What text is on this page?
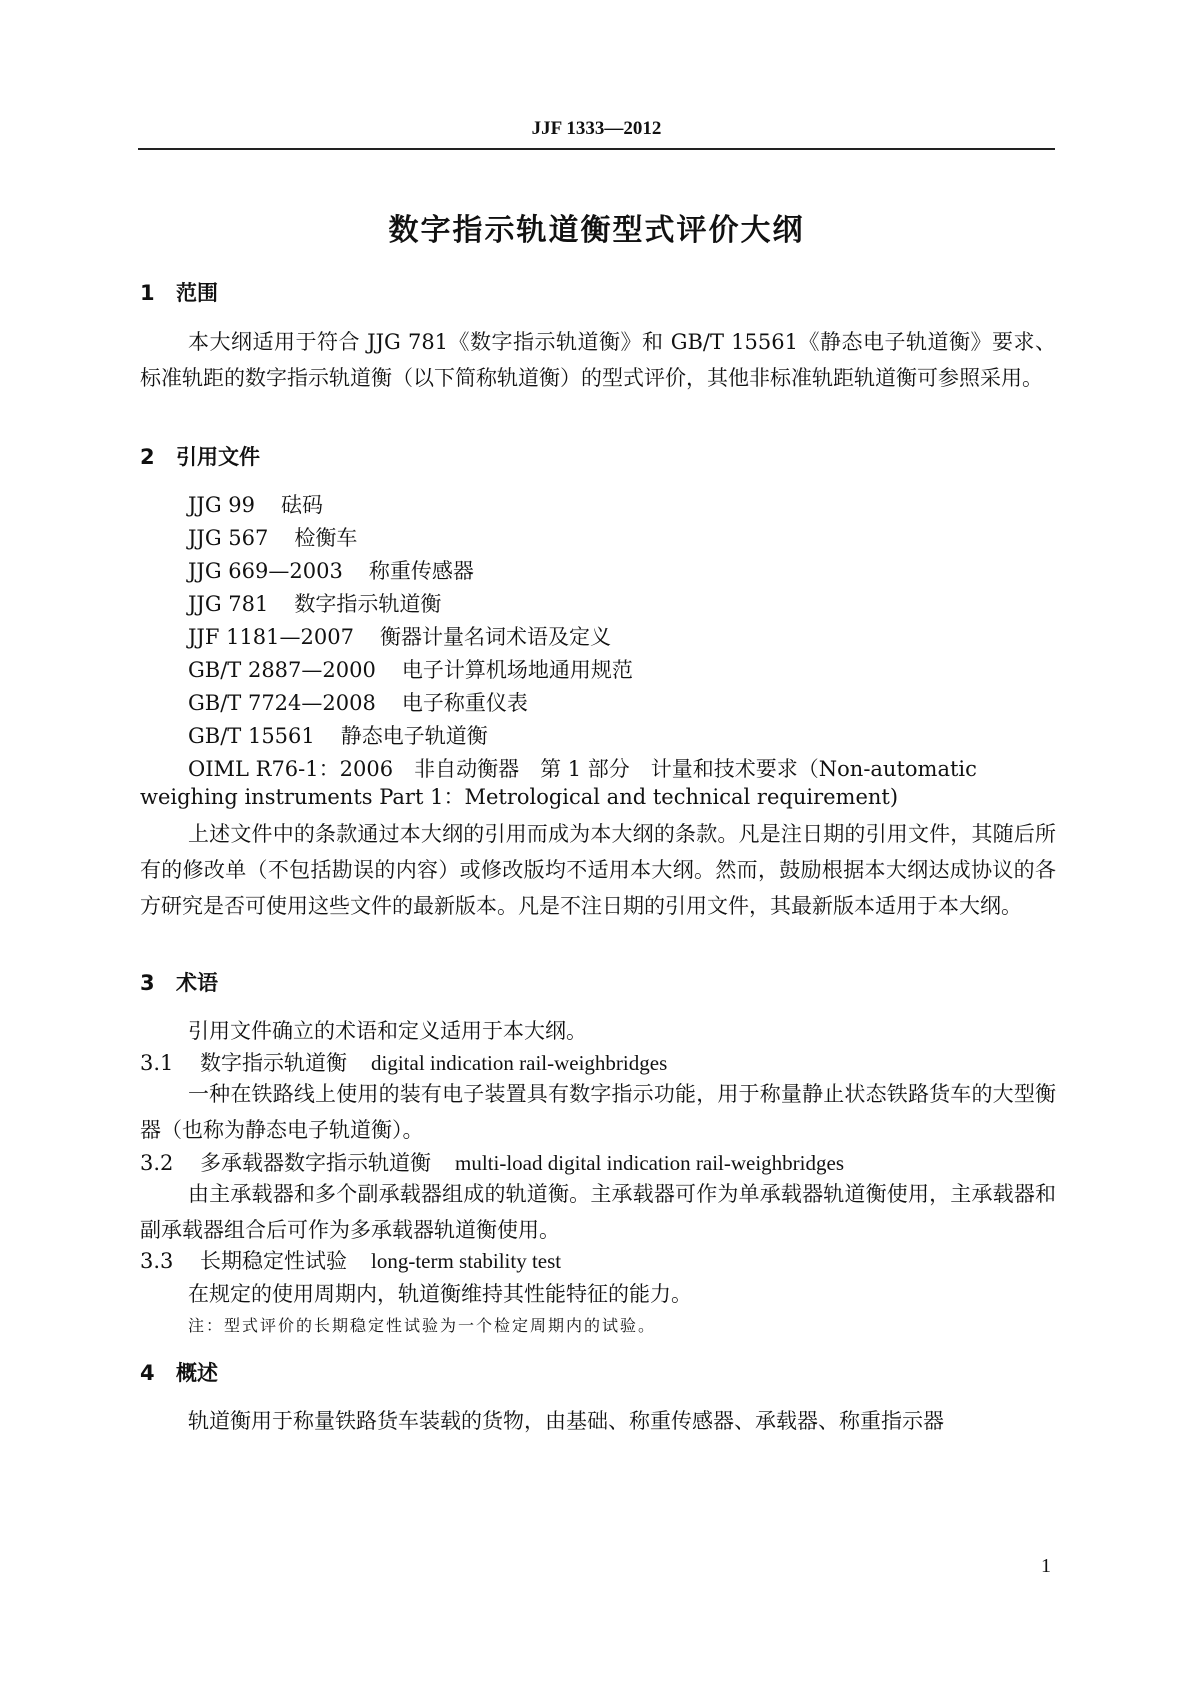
JJF 1333—2012
数字指示轨道衡型式评价大纲
1 范围
本大纲适用于符合 JJG 781《数字指示轨道衡》和 GB/T 15561《静态电子轨道衡》要求、标准轨距的数字指示轨道衡（以下简称轨道衡）的型式评价，其他非标准轨距轨道衡可参照采用。
2 引用文件
JJG 99 砝码
JJG 567 检衡车
JJG 669—2003 称重传感器
JJG 781 数字指示轨道衡
JJF 1181—2007 衡器计量名词术语及定义
GB/T 2887—2000 电子计算机场地通用规范
GB/T 7724—2008 电子称重仪表
GB/T 15561 静态电子轨道衡
OIML R76-1：2006　非自动衡器　第 1 部分　计量和技术要求（Non-automatic
weighing instruments Part 1：Metrological and technical requirement)
上述文件中的条款通过本大纲的引用而成为本大纲的条款。凡是注日期的引用文件，其随后所有的修改单（不包括勘误的内容）或修改版均不适用本大纲。然而，鼓励根据本大纲达成协议的各方研究是否可使用这些文件的最新版本。凡是不注日期的引用文件，其最新版本适用于本大纲。
3 术语
引用文件确立的术语和定义适用于本大纲。
3.1 数字指示轨道衡 digital indication rail-weighbridges
一种在铁路线上使用的装有电子装置具有数字指示功能，用于称量静止状态铁路货车的大型衡器（也称为静态电子轨道衡）。
3.2 多承载器数字指示轨道衡 multi-load digital indication rail-weighbridges
由主承载器和多个副承载器组成的轨道衡。主承载器可作为单承载器轨道衡使用，主承载器和副承载器组合后可作为多承载器轨道衡使用。
3.3 长期稳定性试验 long-term stability test
在规定的使用周期内，轨道衡维持其性能特征的能力。
注：型式评价的长期稳定性试验为一个检定周期内的试验。
4 概述
轨道衡用于称量铁路货车装载的货物，由基础、称重传感器、承载器、称重指示器
1
